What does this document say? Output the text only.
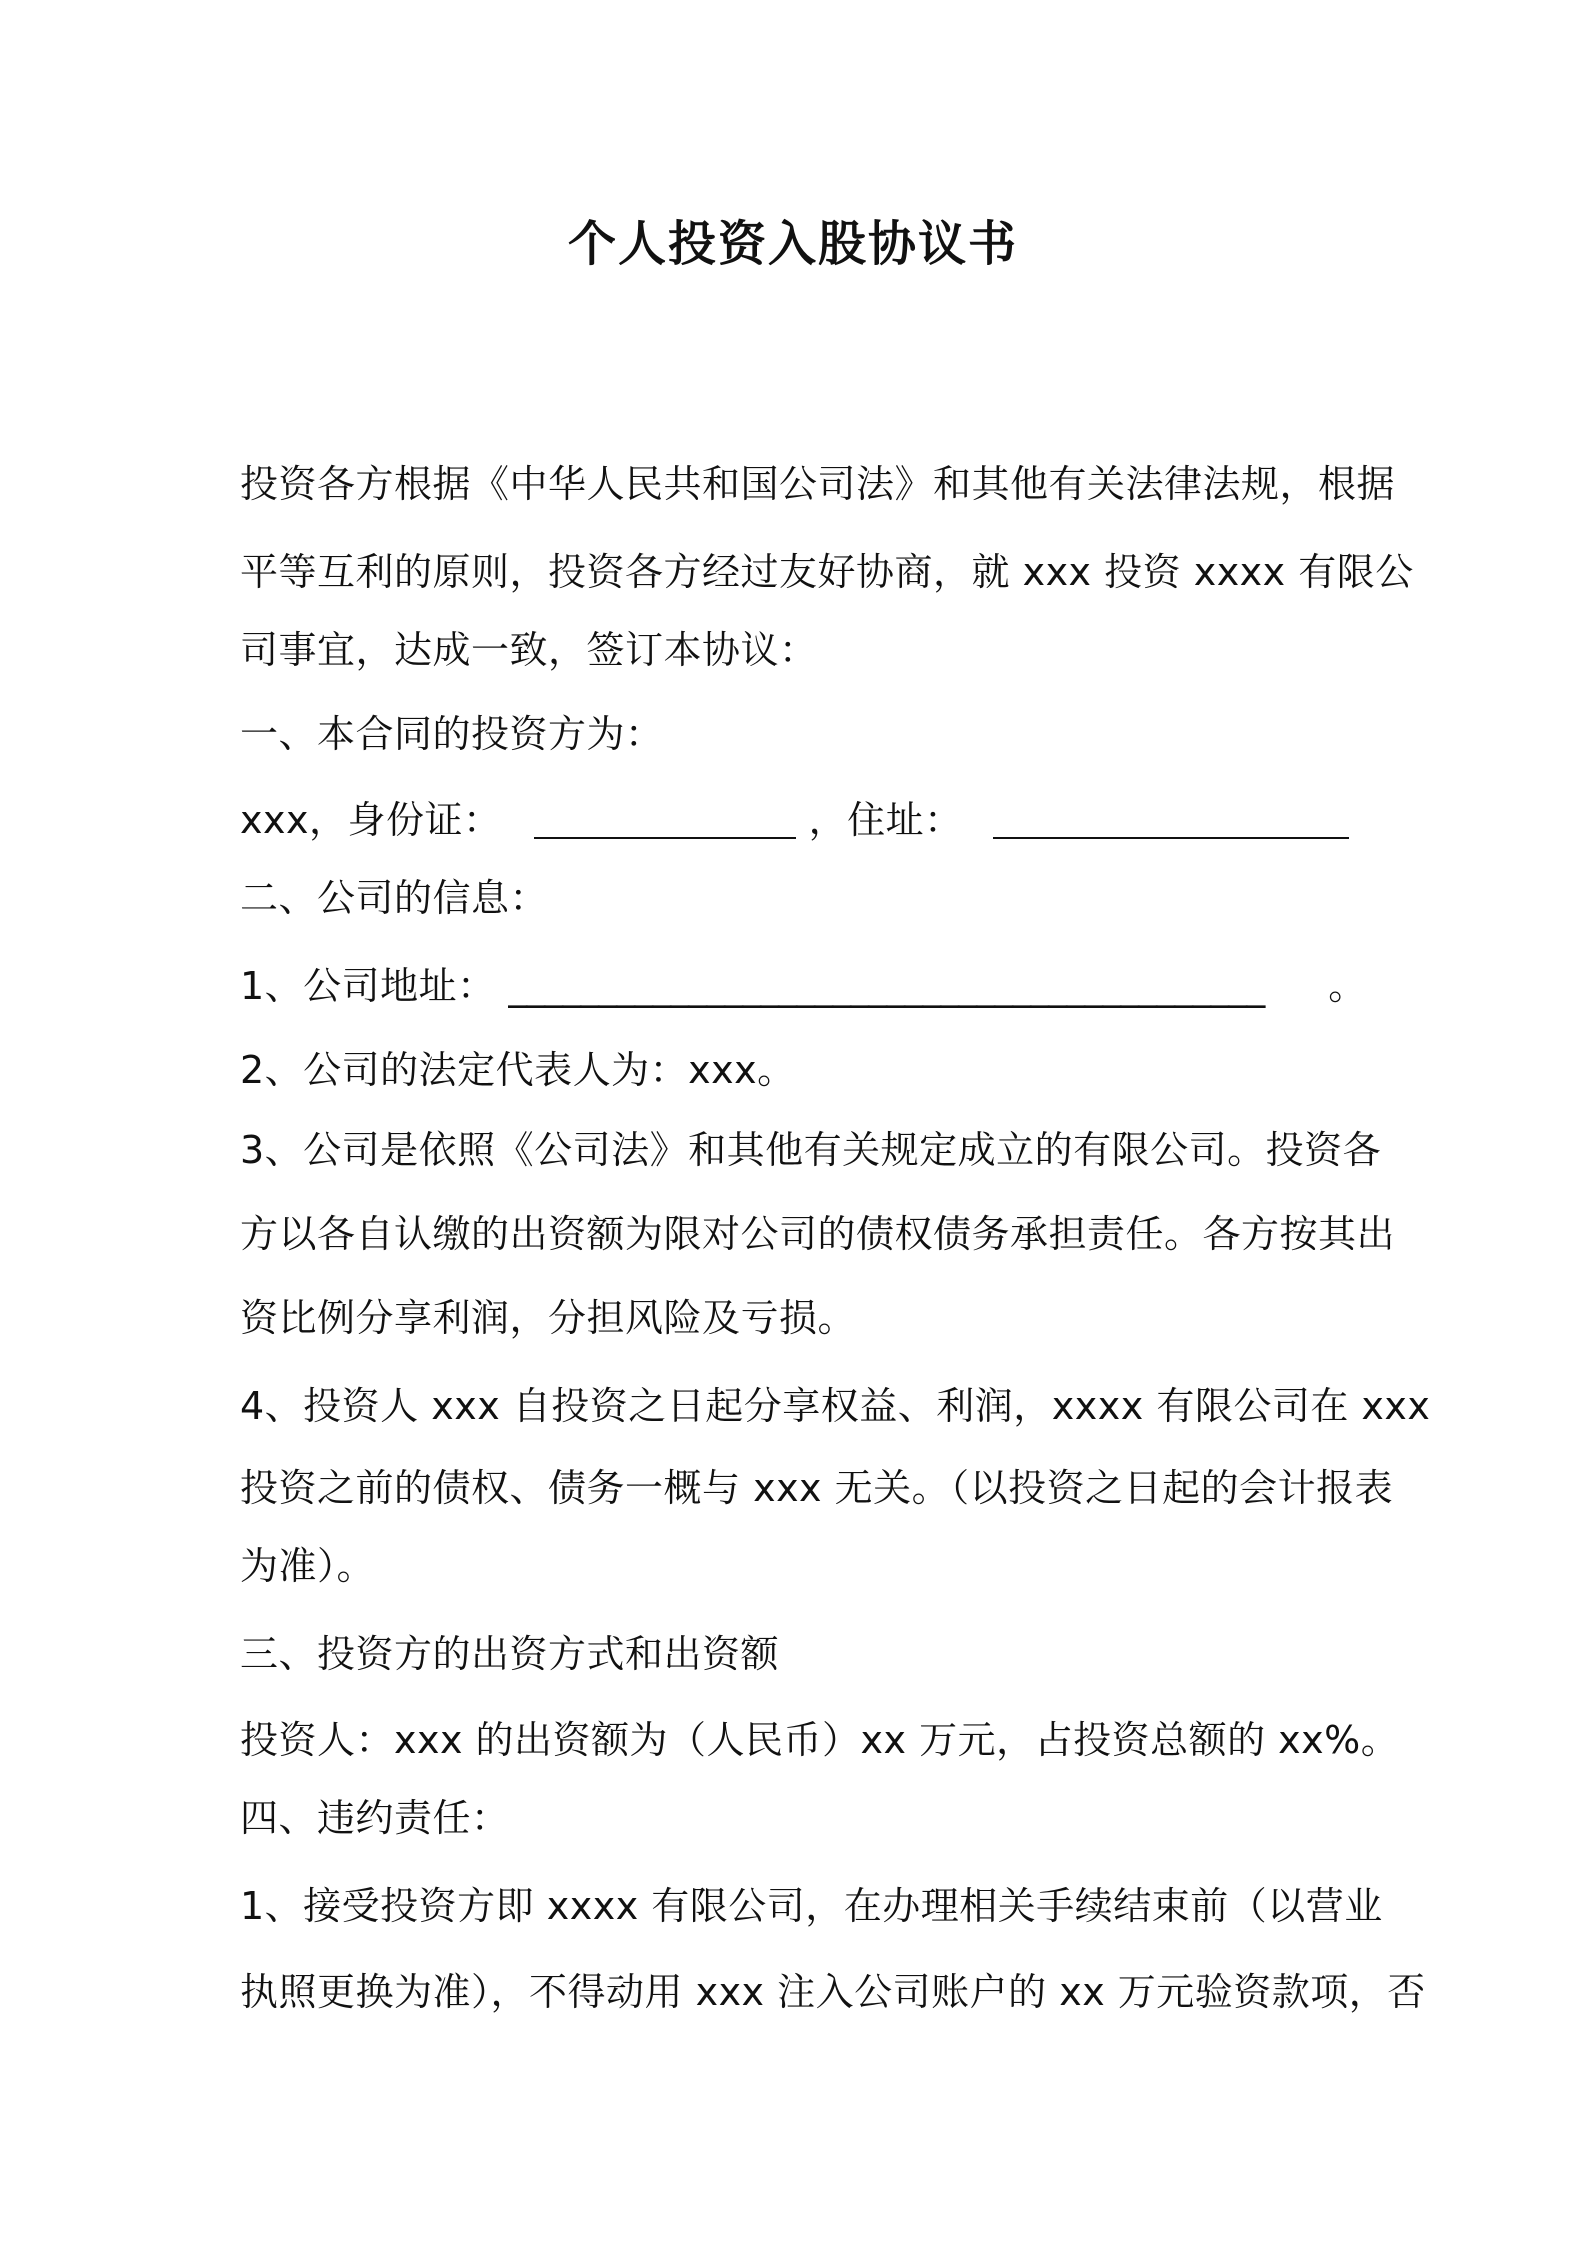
个人投资入股协议书
投资各方根据《中华人民共和国公司法》和其他有关法律法规，根据
平等互利的原则，投资各方经过友好协商，就 xxx 投资 xxxx 有限公
司事宜，达成一致，签订本协议：
一、本合同的投资方为：
xxx，身份证：	，住址：
二、公司的信息：
1、公司地址： __________________________________________ 。
2、公司的法定代表人为：xxx。
3、公司是依照《公司法》和其他有关规定成立的有限公司。投资各
方以各自认缴的出资额为限对公司的债权债务承担责任。各方按其出
资比例分享利润，分担风险及亏损。
4、投资人 xxx 自投资之日起分享权益、利润，xxxx 有限公司在 xxx
投资之前的债权、债务一概与 xxx 无关。（以投资之日起的会计报表
为准）。
三、投资方的出资方式和出资额
投资人：xxx 的出资额为（人民币）xx 万元，占投资总额的 xx%。
四、违约责任：
1、接受投资方即 xxxx 有限公司，在办理相关手续结束前（以营业
执照更换为准），不得动用 xxx 注入公司账户的 xx 万元验资款项，否
